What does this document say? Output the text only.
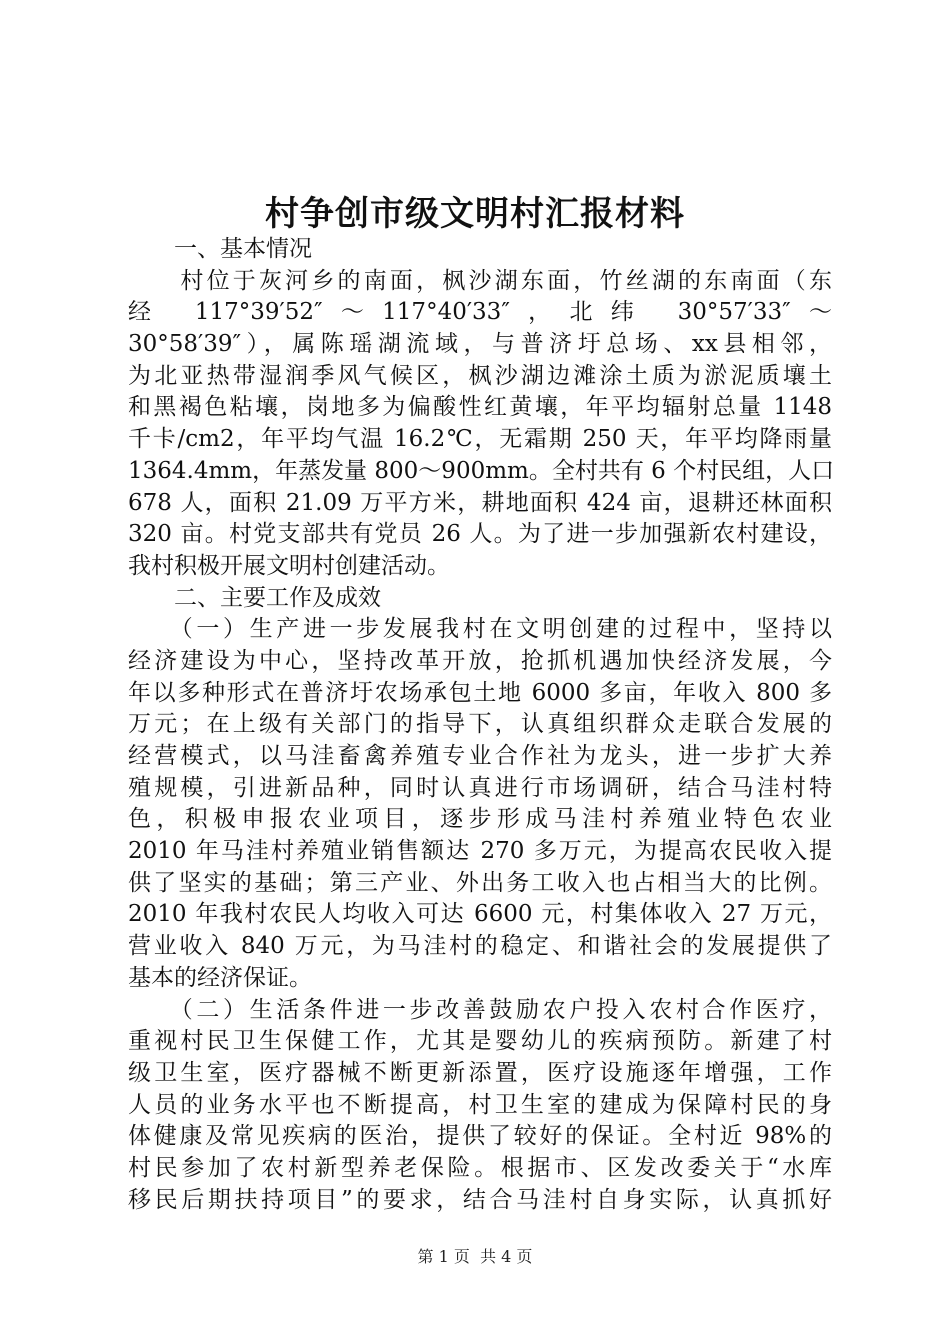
村争创市级文明村汇报材料
　　一、基本情况
　　村位于灰河乡的南面，枫沙湖东面，竹丝湖的东南面（东
经 117°39′52″～117°40′33″，北纬 30°57′33″～
30°58′39″），属陈瑶湖流域，与普济圩总场、xx县相邻，
为北亚热带湿润季风气候区，枫沙湖边滩涂土质为淤泥质壤土
和黑褐色粘壤，岗地多为偏酸性红黄壤，年平均辐射总量 1148
千卡/cm2，年平均气温 16.2℃，无霜期 250 天，年平均降雨量
1364.4mm，年蒸发量 800～900mm。全村共有 6 个村民组，人口
678 人，面积 21.09 万平方米，耕地面积 424 亩，退耕还林面积
320 亩。村党支部共有党员 26 人。为了进一步加强新农村建设，
我村积极开展文明村创建活动。
　　二、主要工作及成效
　　（一）生产进一步发展我村在文明创建的过程中，坚持以
经济建设为中心，坚持改革开放，抢抓机遇加快经济发展，今
年以多种形式在普济圩农场承包土地 6000 多亩，年收入 800 多
万元；在上级有关部门的指导下，认真组织群众走联合发展的
经营模式，以马洼畜禽养殖专业合作社为龙头，进一步扩大养
殖规模，引进新品种，同时认真进行市场调研，结合马洼村特
色，积极申报农业项目，逐步形成马洼村养殖业特色农业
2010 年马洼村养殖业销售额达 270 多万元，为提高农民收入提
供了坚实的基础；第三产业、外出务工收入也占相当大的比例。
2010 年我村农民人均收入可达 6600 元，村集体收入 27 万元，
营业收入 840 万元，为马洼村的稳定、和谐社会的发展提供了
基本的经济保证。
　　（二）生活条件进一步改善鼓励农户投入农村合作医疗，
重视村民卫生保健工作，尤其是婴幼儿的疾病预防。新建了村
级卫生室，医疗器械不断更新添置，医疗设施逐年增强，工作
人员的业务水平也不断提高，村卫生室的建成为保障村民的身
体健康及常见疾病的医治，提供了较好的保证。全村近 98%的
村民参加了农村新型养老保险。根据市、区发改委关于“水库
移民后期扶持项目”的要求，结合马洼村自身实际，认真抓好
第 1 页 共 4 页
